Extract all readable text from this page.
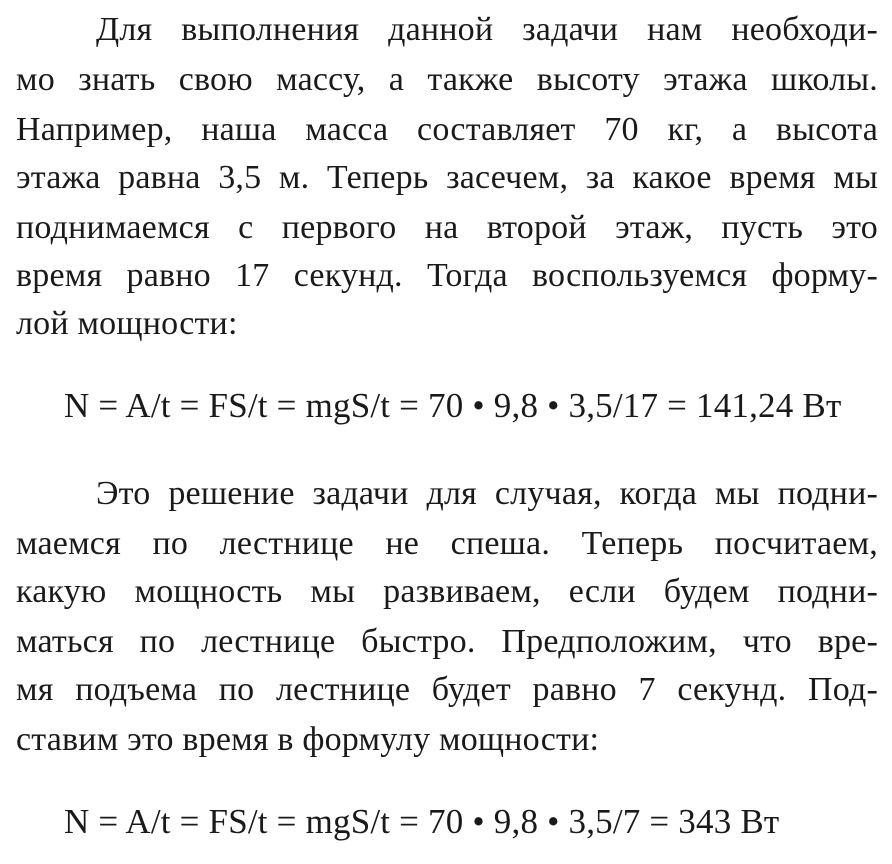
Для выполнения данной задачи нам необходи-
мо знать свою массу, а также высоту этажа школы.
Например, наша масса составляет 70 кг, а высота
этажа равна 3,5 м. Теперь засечем, за какое время мы
поднимаемся с первого на второй этаж, пусть это
время равно 17 секунд. Тогда воспользуемся форму-
лой мощности:
N = A/t = FS/t = mgS/t = 70 • 9,8 • 3,5/17 = 141,24 Вт
Это решение задачи для случая, когда мы подни-
маемся по лестнице не спеша. Теперь посчитаем,
какую мощность мы развиваем, если будем подни-
маться по лестнице быстро. Предположим, что вре-
мя подъема по лестнице будет равно 7 секунд. Под-
ставим это время в формулу мощности:
N = A/t = FS/t = mgS/t = 70 • 9,8 • 3,5/7 = 343 Вт
